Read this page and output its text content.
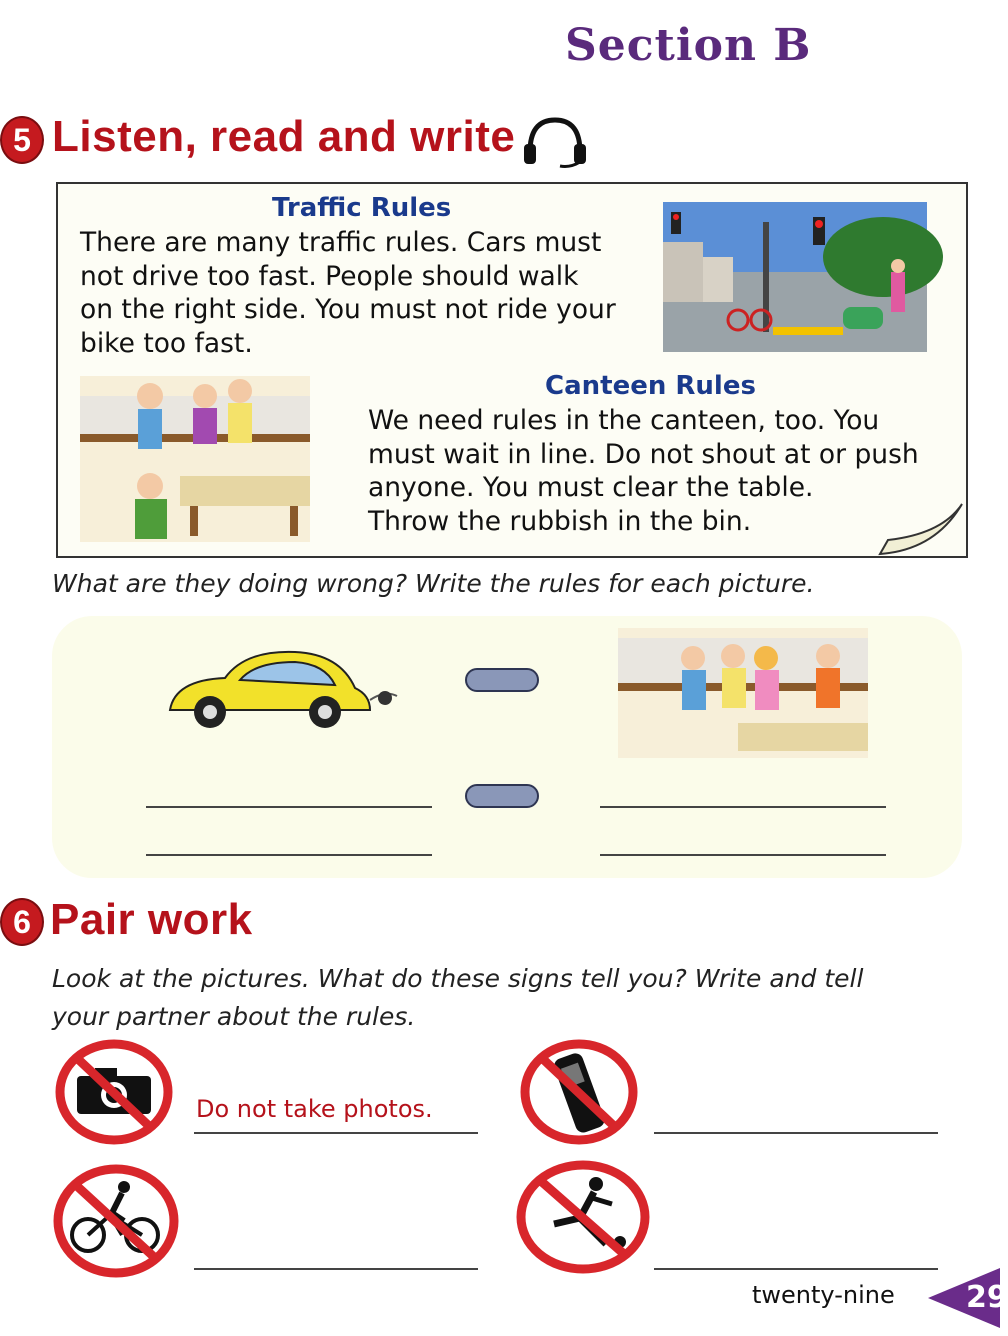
Section B
5 Listen, read and write
Traffic Rules
There are many traffic rules. Cars must
not drive too fast. People should walk
on the right side. You must not ride your
bike too fast.
Canteen Rules
We need rules in the canteen, too. You
must wait in line. Do not shout at or push
anyone. You must clear the table.
Throw the rubbish in the bin.
What are they doing wrong? Write the rules for each picture.
6 Pair work
Look at the pictures. What do these signs tell you? Write and tell
your partner about the rules.
Do not take photos.
twenty-nine 29
